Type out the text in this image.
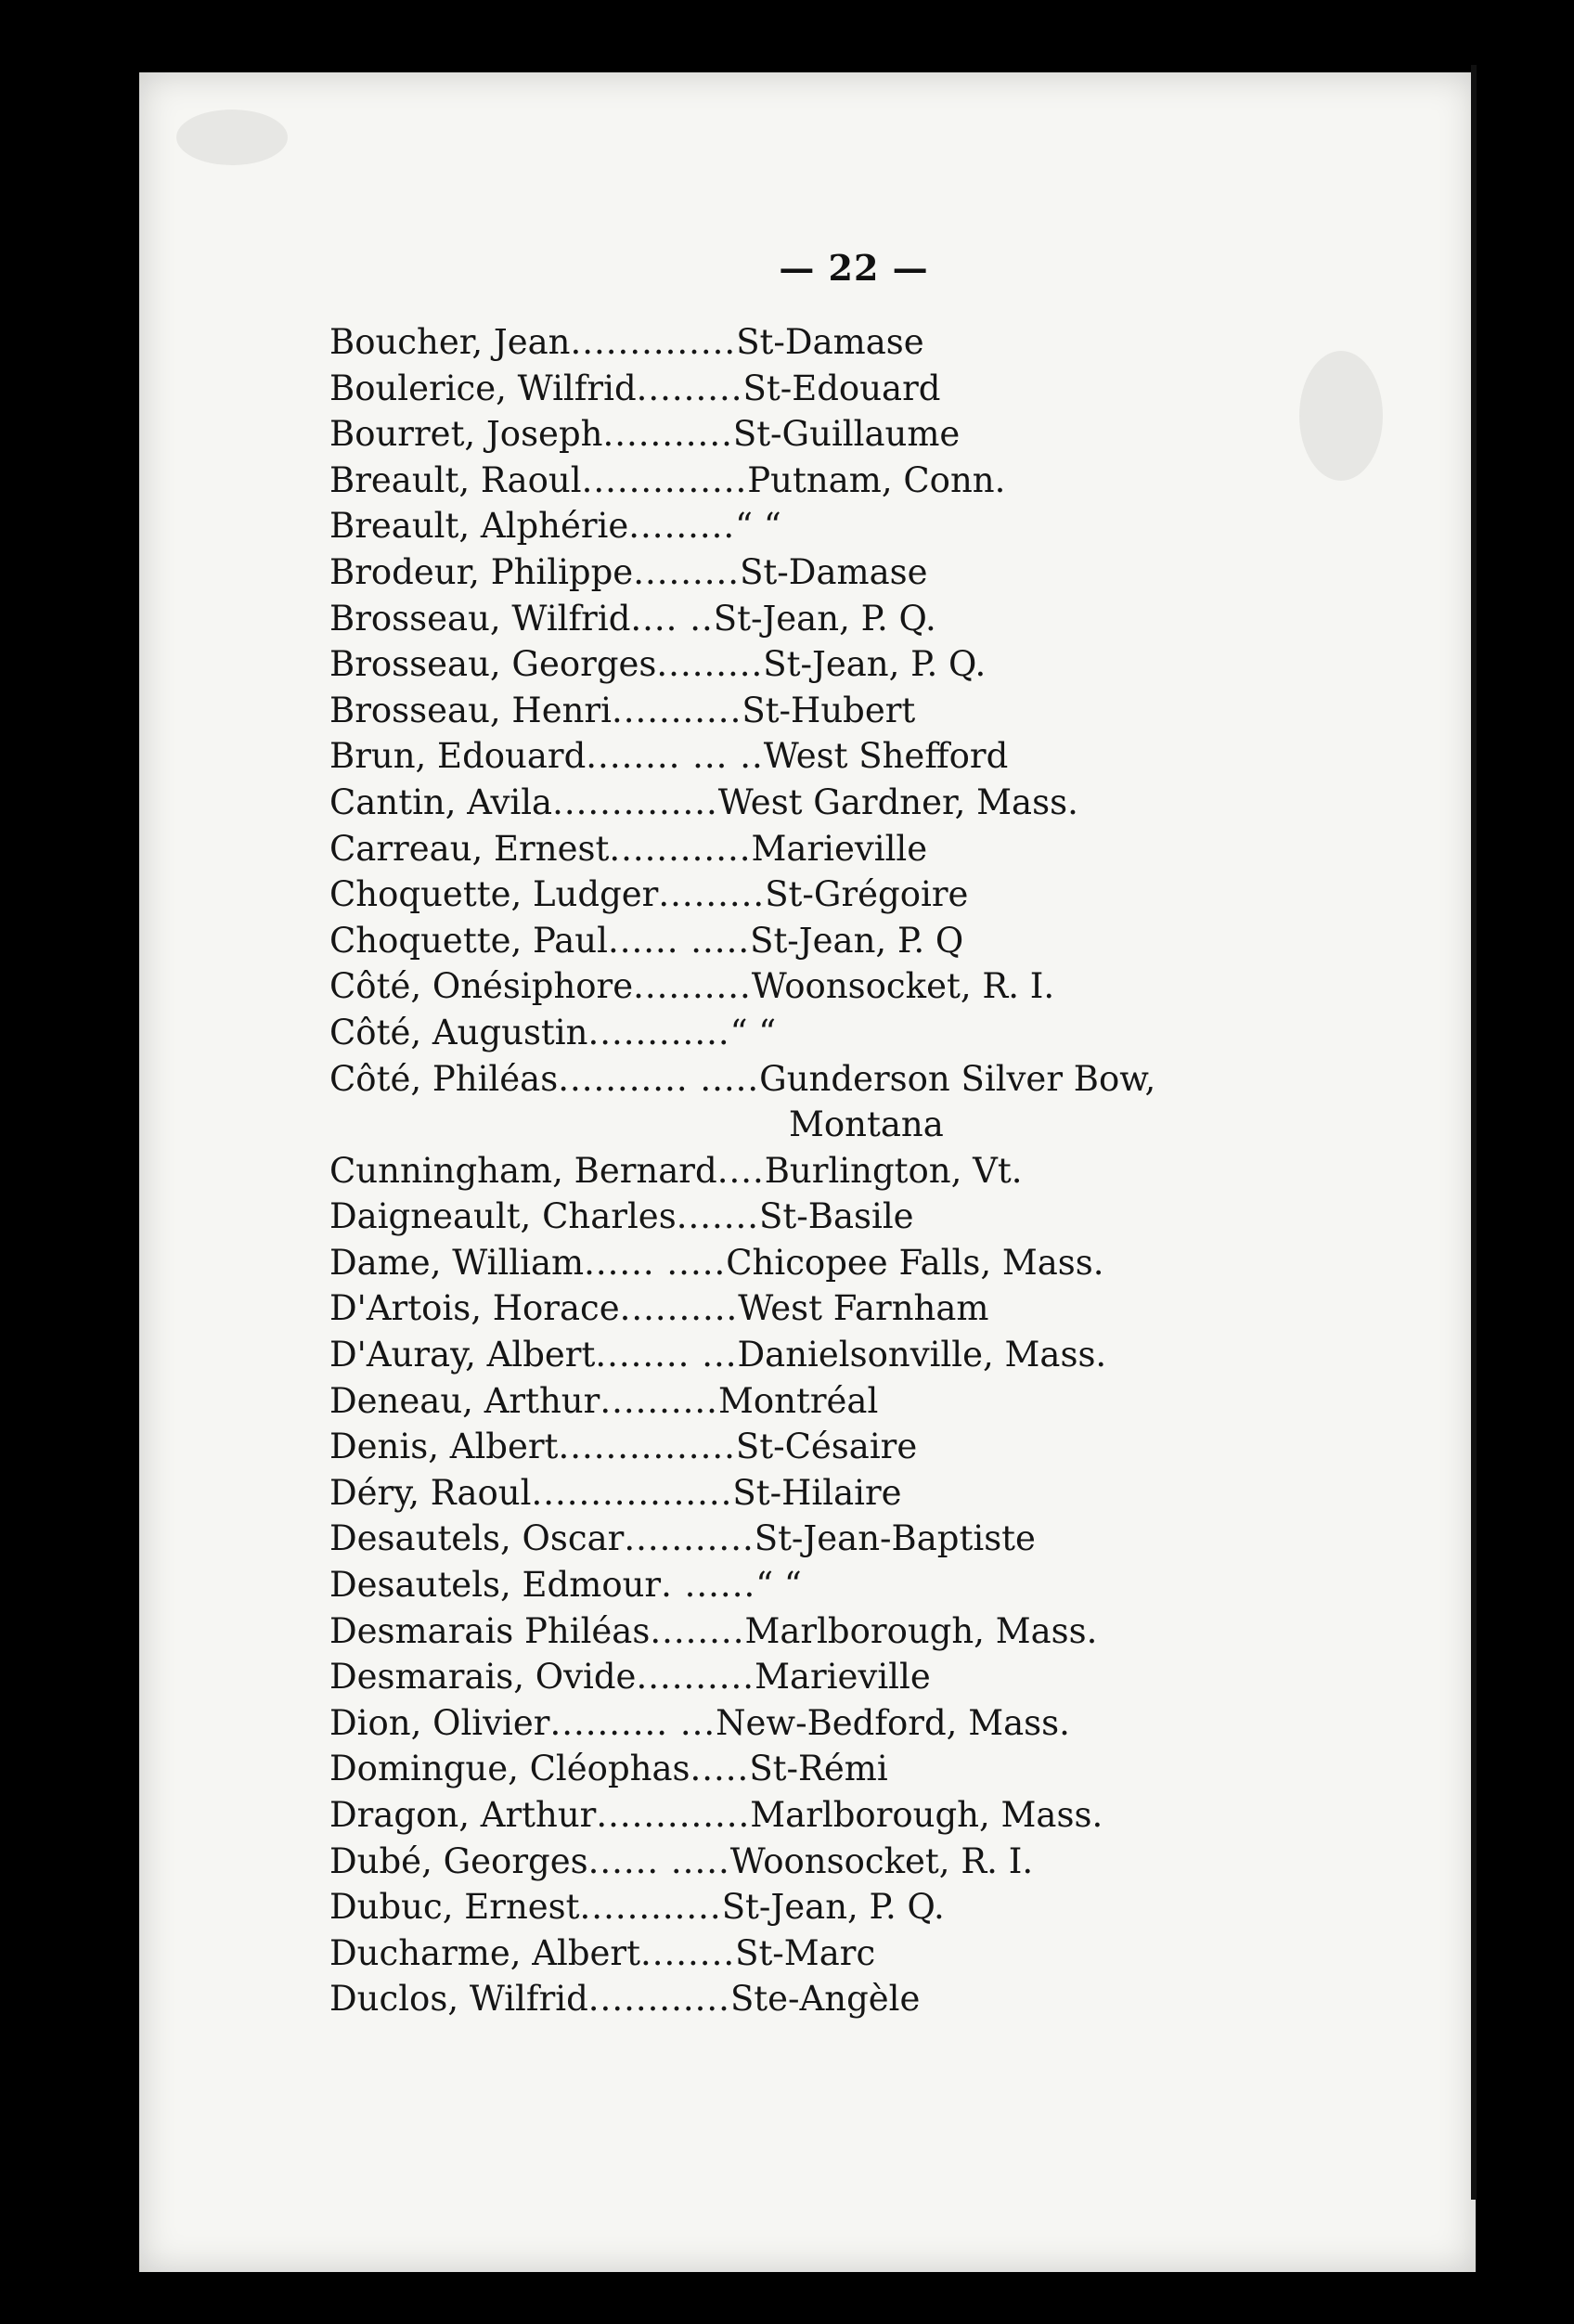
— 22 —
Boucher, Jean .............. St-Damase
Boulerice, Wilfrid ......... St-Edouard
Bourret, Joseph ........... St-Guillaume
Breault, Raoul .............. Putnam, Conn.
Breault, Alphérie ......... “ “
Brodeur, Philippe ......... St-Damase
Brosseau, Wilfrid .... .. St-Jean, P. Q.
Brosseau, Georges ......... St-Jean, P. Q.
Brosseau, Henri ........... St-Hubert
Brun, Edouard ........ ... .. West Shefford
Cantin, Avila .............. West Gardner, Mass.
Carreau, Ernest ............ Marieville
Choquette, Ludger ......... St-Grégoire
Choquette, Paul ...... ..... St-Jean, P. Q
Côté, Onésiphore .......... Woonsocket, R. I.
Côté, Augustin ............ “ “
Côté, Philéas ........... ..... Gunderson Silver Bow,
Montana
Cunningham, Bernard .... Burlington, Vt.
Daigneault, Charles ....... St-Basile
Dame, William ...... ..... Chicopee Falls, Mass.
D'Artois, Horace .......... West Farnham
D'Auray, Albert ........ ... Danielsonville, Mass.
Deneau, Arthur .......... Montréal
Denis, Albert ............... St-Césaire
Déry, Raoul ................. St-Hilaire
Desautels, Oscar ........... St-Jean-Baptiste
Desautels, Edmour . ...... “ “
Desmarais Philéas ........ Marlborough, Mass.
Desmarais, Ovide .......... Marieville
Dion, Olivier .......... ... New-Bedford, Mass.
Domingue, Cléophas ..... St-Rémi
Dragon, Arthur ............. Marlborough, Mass.
Dubé, Georges ...... ..... Woonsocket, R. I.
Dubuc, Ernest ............ St-Jean, P. Q.
Ducharme, Albert ........ St-Marc
Duclos, Wilfrid ............ Ste-Angèle
